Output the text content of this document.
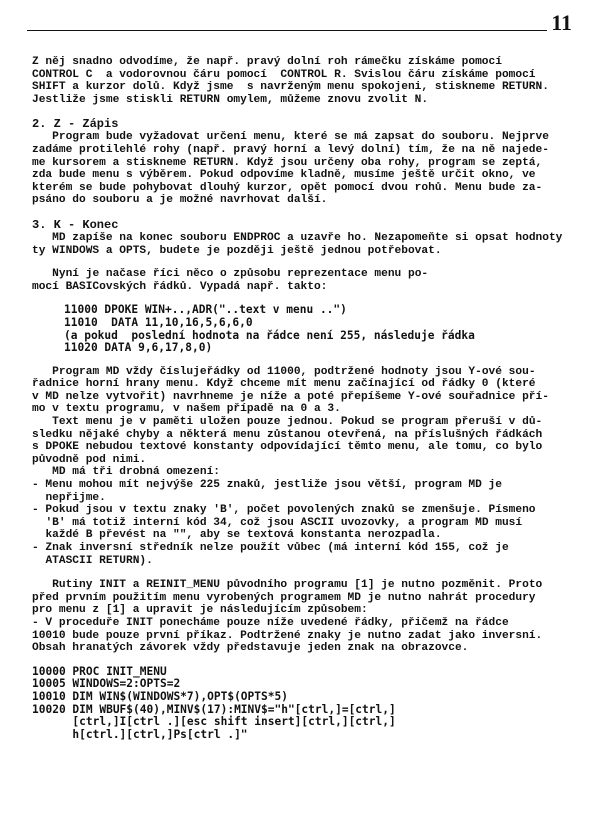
11

Z něj snadno odvodíme, že např. pravý dolní roh rámečku získáme pomocí
CONTROL C  a vodorovnou čáru pomocí  CONTROL R. Svislou čáru získáme pomocí
SHIFT a kurzor dolů. Když jsme  s navrženým menu spokojeni, stiskneme RETURN.
Jestliže jsme stiskli RETURN omylem, můžeme znovu zvolit N.

2. Z - Zápis

Program bude vyžadovat určení menu, které se má zapsat do souboru. Nejprve
zadáme protilehlé rohy (např. pravý horní a levý dolní) tím, že na ně najede-
me kursorem a stiskneme RETURN. Když jsou určeny oba rohy, program se zeptá,
zda bude menu s výběrem. Pokud odpovíme kladně, musíme ještě určit okno, ve
kterém se bude pohybovat dlouhý kurzor, opět pomocí dvou rohů. Menu bude za-
psáno do souboru a je možné navrhovat další.

3. K - Konec

MD zapíše na konec souboru ENDPROC a uzavře ho. Nezapomeňte si opsat hodnoty
ty WINDOWS a OPTS, budete je později ještě jednou potřebovat.

Nyní je načase říci něco o způsobu reprezentace menu po-
mocí BASICovských řádků. Vypadá např. takto:

11000 DPOKE WIN+..,ADR("..text v menu ..")
11010  DATA 11,10,16,5,6,6,0
(a pokud  poslední hodnota na řádce není 255, následuje řádka
11020 DATA 9,6,17,8,0)

Program MD vždy číslujeřádky od 11000, podtržené hodnoty jsou Y-ové sou-
řadnice horní hrany menu. Když chceme mít menu začínající od řádky 0 (které
v MD nelze vytvořit) navrhneme je níže a poté přepíšeme Y-ové souřadnice pří-
mo v textu programu, v našem případě na 0 a 3.
Text menu je v paměti uložen pouze jednou. Pokud se program přeruší v dů-
sledku nějaké chyby a některá menu zůstanou otevřená, na příslušných řádkách
s DPOKE nebudou textové konstanty odpovídající těmto menu, ale tomu, co bylo
původně pod nimi.
MD má tři drobná omezení:

- Menu mohou mít nejvýše 225 znaků, jestliže jsou větší, program MD je
nepřijme.
- Pokud jsou v textu znaky 'B', počet povolených znaků se zmenšuje. Písmeno
'B' má totiž interní kód 34, což jsou ASCII uvozovky, a program MD musí
každé B převést na "", aby se textová konstanta nerozpadla.
- Znak inversní středník nelze použít vůbec (má interní kód 155, což je
ATASCII RETURN).

Rutiny INIT a REINIT_MENU původního programu [1] je nutno pozměnit. Proto
před prvním použitím menu vyrobených programem MD je nutno nahrát procedury
pro menu z [1] a upravit je následujícím způsobem:
- V proceduře INIT ponecháme pouze níže uvedené řádky, přičemž na řádce
10010 bude pouze první příkaz. Podtržené znaky je nutno zadat jako inversní.
Obsah hranatých závorek vždy představuje jeden znak na obrazovce.

10000 PROC INIT_MENU
10005 WINDOWS=2:OPTS=2
10010 DIM WIN$(WINDOWS*7),OPT$(OPTS*5)
10020 DIM WBUF$(40),MINV$(17):MINV$="h"[ctrl,]=[ctrl,]
[ctrl,]I[ctrl .][esc shift insert][ctrl,][ctrl,]
h[ctrl.][ctrl,]Ps[ctrl .]"
